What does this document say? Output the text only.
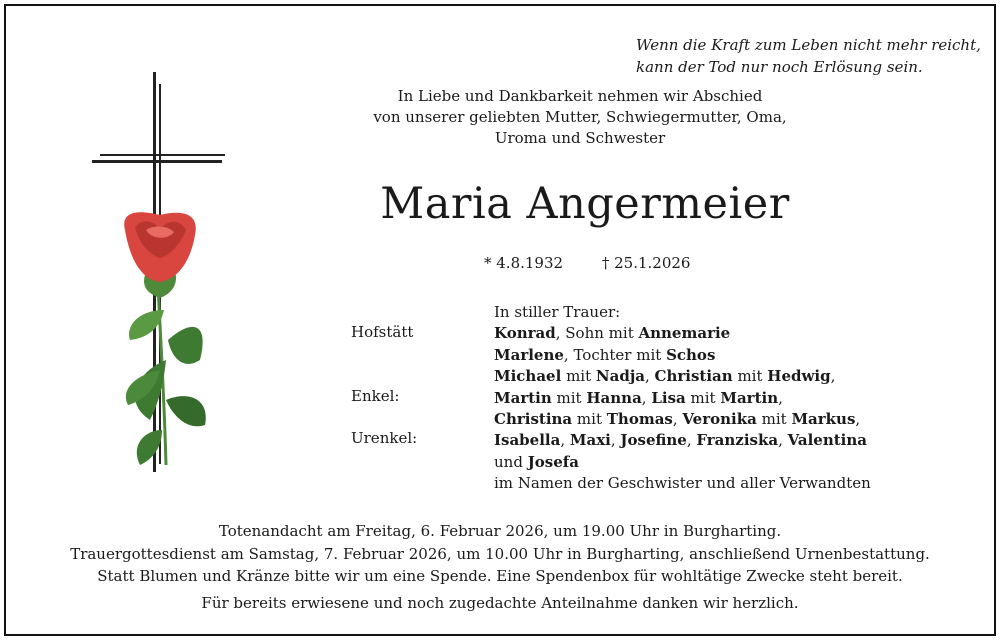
Wenn die Kraft zum Leben nicht mehr reicht,
kann der Tod nur noch Erlösung sein.
In Liebe und Dankbarkeit nehmen wir Abschied
von unserer geliebten Mutter, Schwiegermutter, Oma,
Uroma und Schwester
Maria Angermeier
* 4.8.1932	† 25.1.2026
Hofstätt
Enkel:
Urenkel:
In stiller Trauer:
Konrad, Sohn mit Annemarie
Marlene, Tochter mit Schos
Michael mit Nadja, Christian mit Hedwig,
Martin mit Hanna, Lisa mit Martin,
Christina mit Thomas, Veronika mit Markus,
Isabella, Maxi, Josefine, Franziska, Valentina
und Josefa
im Namen der Geschwister und aller Verwandten
Totenandacht am Freitag, 6. Februar 2026, um 19.00 Uhr in Burgharting.
Trauergottesdienst am Samstag, 7. Februar 2026, um 10.00 Uhr in Burgharting, anschließend Urnenbestattung.
Statt Blumen und Kränze bitte wir um eine Spende. Eine Spendenbox für wohltätige Zwecke steht bereit.
Für bereits erwiesene und noch zugedachte Anteilnahme danken wir herzlich.
